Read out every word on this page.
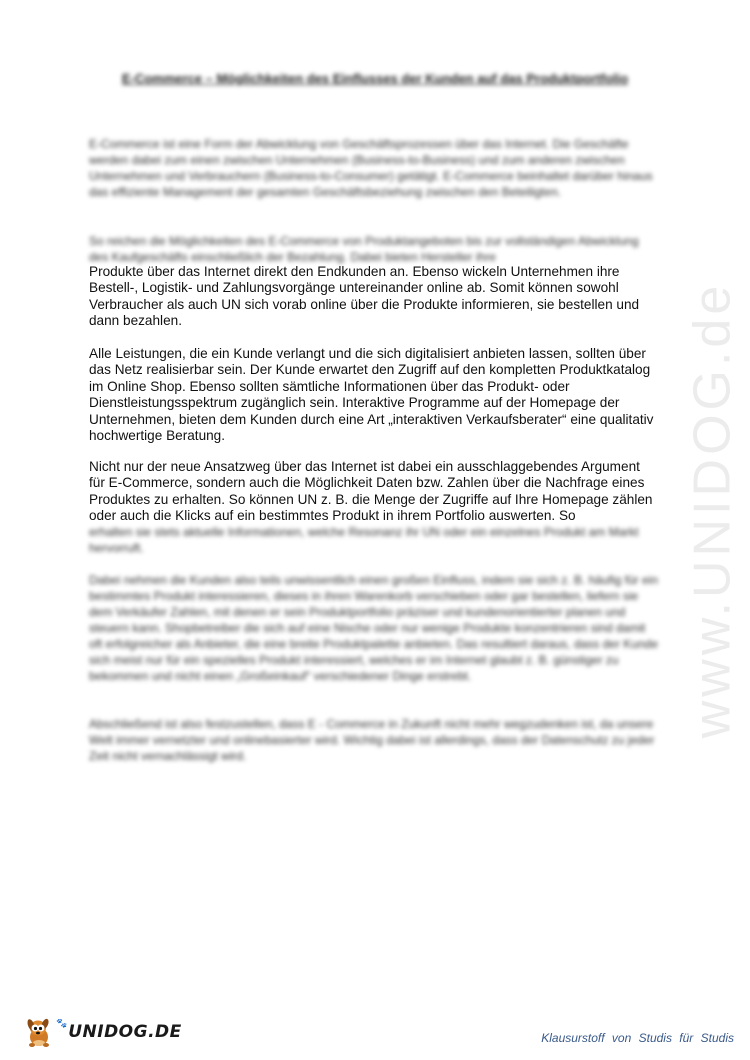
E-Commerce – Möglichkeiten des Einflusses der Kunden auf das Produktportfolio

E-Commerce ist eine Form der Abwicklung von Geschäftsprozessen über das Internet. Die Geschäfte werden dabei zum einen zwischen Unternehmen (Business-to-Business) und zum anderen zwischen Unternehmen und Verbrauchern (Business-to-Consumer) getätigt. E-Commerce beinhaltet darüber hinaus das effiziente Management der gesamten Geschäftsbeziehung zwischen den Beteiligten.

So reichen die Möglichkeiten des E-Commerce von Produktangeboten bis zur vollständigen Abwicklung des Kaufgeschäfts einschließlich der Bezahlung. Dabei bieten Hersteller ihre

Produkte über das Internet direkt den Endkunden an. Ebenso wickeln Unternehmen ihre Bestell-, Logistik- und Zahlungsvorgänge untereinander online ab. Somit können sowohl Verbraucher als auch UN sich vorab online über die Produkte informieren, sie bestellen und dann bezahlen.

Alle Leistungen, die ein Kunde verlangt und die sich digitalisiert anbieten lassen, sollten über das Netz realisierbar sein. Der Kunde erwartet den Zugriff auf den kompletten Produktkatalog im Online Shop. Ebenso sollten sämtliche Informationen über das Produkt- oder Dienstleistungsspektrum zugänglich sein. Interaktive Programme auf der Homepage der Unternehmen, bieten dem Kunden durch eine Art „interaktiven Verkaufsberater“ eine qualitativ hochwertige Beratung.

Nicht nur der neue Ansatzweg über das Internet ist dabei ein ausschlaggebendes Argument für E-Commerce, sondern auch die Möglichkeit Daten bzw. Zahlen über die Nachfrage eines Produktes zu erhalten. So können UN z. B. die Menge der Zugriffe auf Ihre Homepage zählen oder auch die Klicks auf ein bestimmtes Produkt in ihrem Portfolio auswerten. So

erhalten sie stets aktuelle Informationen, welche Resonanz ihr UN oder ein einzelnes Produkt am Markt hervorruft.

Dabei nehmen die Kunden also teils unwissentlich einen großen Einfluss, indem sie sich z. B. häufig für ein bestimmtes Produkt interessieren, dieses in ihren Warenkorb verschieben oder gar bestellen, liefern sie dem Verkäufer Zahlen, mit denen er sein Produktportfolio präziser und kundenorientierter planen und steuern kann. Shopbetreiber die sich auf eine Nische oder nur wenige Produkte konzentrieren sind damit oft erfolgreicher als Anbieter, die eine breite Produktpalette anbieten. Das resultiert daraus, dass der Kunde sich meist nur für ein spezielles Produkt interessiert, welches er im Internet glaubt z. B. günstiger zu bekommen und nicht einen „Großeinkauf“ verschiedener Dinge erstrebt.

Abschließend ist also festzustellen, dass E - Commerce in Zukunft nicht mehr wegzudenken ist, da unsere Welt immer vernetzter und onlinebasierter wird. Wichtig dabei ist allerdings, dass der Datenschutz zu jeder Zeit nicht vernachlässigt wird.

www.UNIDOG.de
🐾 UNIDOG.DE	Klausurstoff von Studis für Studis
